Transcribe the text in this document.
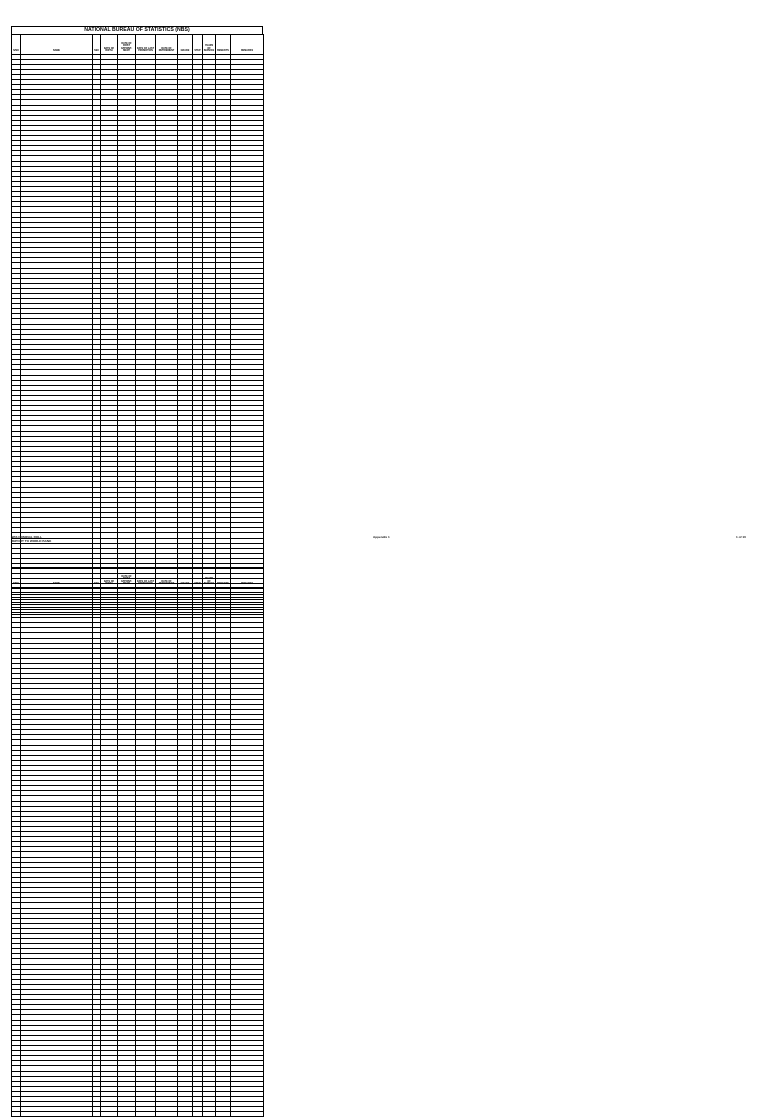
NATIONAL BUREAU OF STATISTICS (NBS)
S/NO	NAME	SEX	DATE OF BIRTH	DATE OF FIRST APPOINT-MENT	DATE OF LAST PROMOTION	DATE OF RETIREMENT	GRADE	STEP	YEARS OF SERVICE	BENEFITS	REMARKS

NBS NOMINAL ROLL
REPORT TO WORLD BANK
Appendix 1	1 of 10
S/NO	NAME	SEX	DATE OF BIRTH	DATE OF FIRST APPOINT-MENT	DATE OF LAST PROMOTION	DATE OF RETIREMENT	GRADE	STEP	YEARS OF SERVICE	BENEFITS	REMARKS
